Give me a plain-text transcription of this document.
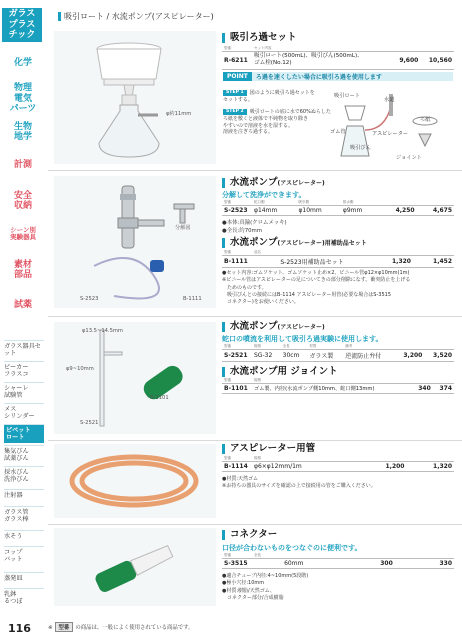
ガラス
プラス
チック
化学
物理
電気
パーツ
生物
地学
計測
安全
収納
シーン別
実験器具
素材
部品
試薬
ガラス器具セット
ビーカー
フラスコ
シャーレ
試験管
メス
シリンダー
ピペット
ロート
集気びん
試薬びん
採水びん
洗浄びん
注射器
ガラス管
ガラス棒
水そう
コップ
バット
蒸発皿
乳鉢
るつぼ
116
吸引ロート / 水流ポンプ(アスピレーター)
φ約11mm
吸引ろ過セット
型番	セット内容		
R-6211	吸引ロート(500mL)、吸引びん(500mL)、
ゴム栓(No.12)	9,600	10,560
POINT	ろ過を速くしたい場合に吸引ろ過を使用します
STEP 1 図のように吸引ろ過セットを
セットする。
STEP 2 吸引ロートの底に水で60%ぬらした
ろ紙を敷くと液体で不純物を取り除き
やすいので溶液を水を湿する。
溶液を注ぎろ過する。
吸引ロート
アスピレーター
ゴム管
吸引びん
水道
ろ紙
ジョイント
分解図
S-2523	B-1111
水流ポンプ(アスピレーター)
分解して洗浄ができます。
型番	蛇口側	吸引側	排水側		
S-2523	φ14mm	φ10mm	φ9mm	4,250	4,675
●本体:真鍮(クロムメッキ)
●全長:約70mm
水流ポンプ(アスピレーター)用補助品セット
型番	品名		
B-1111	S-2523用補助品セット	1,320	1,452
●セット内容:ゴムソケット、ゴムソケット止め×2、ビニール管φ12×φ10mm(1m)
※ビニール管はアスピレーターの足についてきの部分削除になす。衝突防止を上げる
　ためのものです。
　吸引びんとの接続にはB-1114 アスピレーター用管(必要な場合はS-3515
　コネクター)をお使いください。
φ13.5~14.5mm
φ9~10mm
S-2521
B-1101
水流ポンプ(アスピレーター)
蛇口の噴流を利用して吸引ろ過実験に使用します。
型番	規格	全長	材質	備考		
S-2521	SG-32	30cm	ガラス製	逆流防止弁付	3,200	3,520
水流ポンプ用 ジョイント
型番	規格		
B-1101	ゴム製、内径(水流ポンプ側10mm、蛇口側13mm)	340	374
アスピレーター用管
型番	規格		
B-1114	φ6×φ12mm/1m	1,200	1,320
●材質:天然ゴム
※お持ちの器具のサイズを確認の上で接続用の管をご購入ください。
コネクター
口径が合わないものをつなぐのに便利です。
型番	全長		
S-3515	60mm	300	330
●適合チューブ内径:4~10mm(5段階)
●極小穴径:10mm
●材質:樹脂/天然ゴム、
　コネクター部分/合成樹脂
※ 型番 の商品は、一般によく使用されている商品です。
